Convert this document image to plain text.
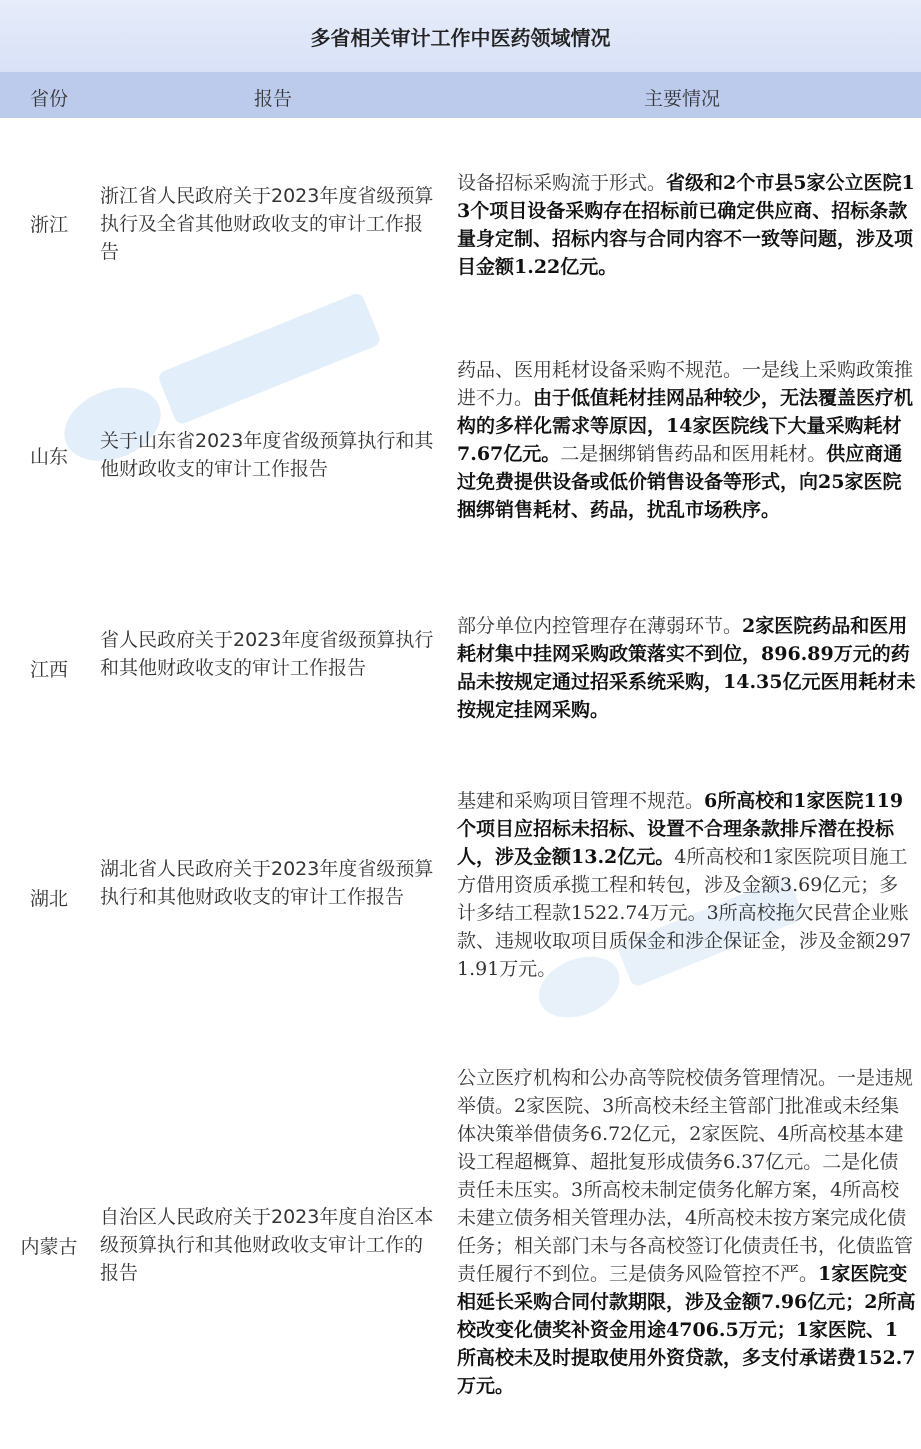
多省相关审计工作中医药领域情况
省份	报告	主要情况
浙江
浙江省人民政府关于2023年度省级预算执行及全省其他财政收支的审计工作报告
设备招标采购流于形式。省级和2个市县5家公立医院13个项目设备采购存在招标前已确定供应商、招标条款量身定制、招标内容与合同内容不一致等问题，涉及项目金额1.22亿元。
山东
关于山东省2023年度省级预算执行和其他财政收支的审计工作报告
药品、医用耗材设备采购不规范。一是线上采购政策推进不力。由于低值耗材挂网品种较少，无法覆盖医疗机构的多样化需求等原因，14家医院线下大量采购耗材7.67亿元。二是捆绑销售药品和医用耗材。供应商通过免费提供设备或低价销售设备等形式，向25家医院捆绑销售耗材、药品，扰乱市场秩序。
江西
省人民政府关于2023年度省级预算执行和其他财政收支的审计工作报告
部分单位内控管理存在薄弱环节。2家医院药品和医用耗材集中挂网采购政策落实不到位，896.89万元的药品未按规定通过招采系统采购，14.35亿元医用耗材未按规定挂网采购。
湖北
湖北省人民政府关于2023年度省级预算执行和其他财政收支的审计工作报告
基建和采购项目管理不规范。6所高校和1家医院119个项目应招标未招标、设置不合理条款排斥潜在投标人，涉及金额13.2亿元。4所高校和1家医院项目施工方借用资质承揽工程和转包，涉及金额3.69亿元；多计多结工程款1522.74万元。3所高校拖欠民营企业账款、违规收取项目质保金和涉企保证金，涉及金额2971.91万元。
内蒙古
自治区人民政府关于2023年度自治区本级预算执行和其他财政收支审计工作的报告
公立医疗机构和公办高等院校债务管理情况。一是违规举债。2家医院、3所高校未经主管部门批准或未经集体决策举借债务6.72亿元，2家医院、4所高校基本建设工程超概算、超批复形成债务6.37亿元。二是化债责任未压实。3所高校未制定债务化解方案，4所高校未建立债务相关管理办法，4所高校未按方案完成化债任务；相关部门未与各高校签订化债责任书，化债监管责任履行不到位。三是债务风险管控不严。1家医院变相延长采购合同付款期限，涉及金额7.96亿元；2所高校改变化债奖补资金用途4706.5万元；1家医院、1所高校未及时提取使用外资贷款，多支付承诺费152.7万元。
